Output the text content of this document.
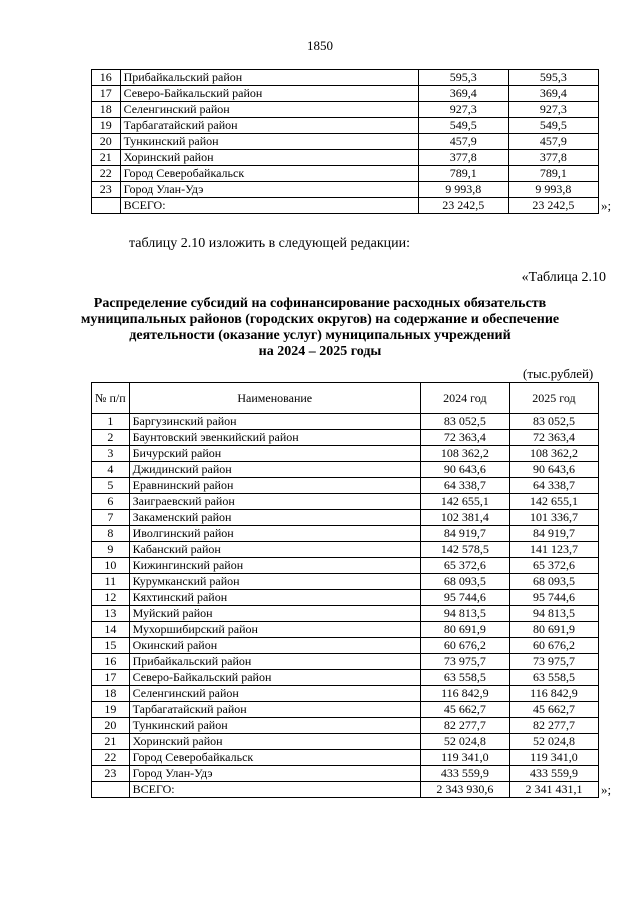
1850
16	Прибайкальский район	595,3	595,3
17	Северо-Байкальский район	369,4	369,4
18	Селенгинский район	927,3	927,3
19	Тарбагатайский район	549,5	549,5
20	Тункинский район	457,9	457,9
21	Хоринский район	377,8	377,8
22	Город Северобайкальск	789,1	789,1
23	Город Улан-Удэ	9 993,8	9 993,8
	ВСЕГО:	23 242,5	23 242,5 »;
таблицу 2.10 изложить в следующей редакции:
«Таблица 2.10
Распределение субсидий на софинансирование расходных обязательств
муниципальных районов (городских округов) на содержание и обеспечение
деятельности (оказание услуг) муниципальных учреждений
на 2024 – 2025 годы
(тыс.рублей)
№ п/п	Наименование	2024 год	2025 год
1	Баргузинский район	83 052,5	83 052,5
2	Баунтовский эвенкийский район	72 363,4	72 363,4
3	Бичурский район	108 362,2	108 362,2
4	Джидинский район	90 643,6	90 643,6
5	Еравнинский район	64 338,7	64 338,7
6	Заиграевский район	142 655,1	142 655,1
7	Закаменский район	102 381,4	101 336,7
8	Иволгинский район	84 919,7	84 919,7
9	Кабанский район	142 578,5	141 123,7
10	Кижингинский район	65 372,6	65 372,6
11	Курумканский район	68 093,5	68 093,5
12	Кяхтинский район	95 744,6	95 744,6
13	Муйский район	94 813,5	94 813,5
14	Мухоршибирский район	80 691,9	80 691,9
15	Окинский район	60 676,2	60 676,2
16	Прибайкальский район	73 975,7	73 975,7
17	Северо-Байкальский район	63 558,5	63 558,5
18	Селенгинский район	116 842,9	116 842,9
19	Тарбагатайский район	45 662,7	45 662,7
20	Тункинский район	82 277,7	82 277,7
21	Хоринский район	52 024,8	52 024,8
22	Город Северобайкальск	119 341,0	119 341,0
23	Город Улан-Удэ	433 559,9	433 559,9
	ВСЕГО:	2 343 930,6	2 341 431,1 »;
